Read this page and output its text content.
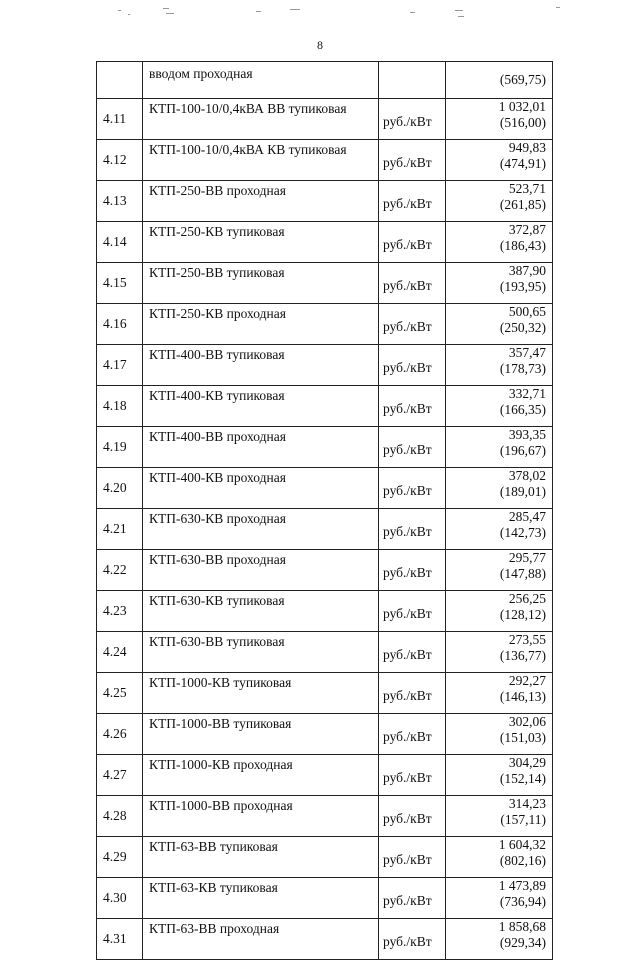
8
	вводом проходная		(569,75)

4.11	КТП-100-10/0,4кВА ВВ тупиковая	руб./кВт	1 032,01
(516,00)

4.12	КТП-100-10/0,4кВА КВ тупиковая	руб./кВт	949,83
(474,91)

4.13	КТП-250-ВВ проходная	руб./кВт	523,71
(261,85)

4.14	КТП-250-КВ тупиковая	руб./кВт	372,87
(186,43)

4.15	КТП-250-ВВ тупиковая	руб./кВт	387,90
(193,95)

4.16	КТП-250-КВ проходная	руб./кВт	500,65
(250,32)

4.17	КТП-400-ВВ тупиковая	руб./кВт	357,47
(178,73)

4.18	КТП-400-КВ тупиковая	руб./кВт	332,71
(166,35)

4.19	КТП-400-ВВ проходная	руб./кВт	393,35
(196,67)

4.20	КТП-400-КВ проходная	руб./кВт	378,02
(189,01)

4.21	КТП-630-КВ проходная	руб./кВт	285,47
(142,73)

4.22	КТП-630-ВВ проходная	руб./кВт	295,77
(147,88)

4.23	КТП-630-КВ тупиковая	руб./кВт	256,25
(128,12)

4.24	КТП-630-ВВ тупиковая	руб./кВт	273,55
(136,77)

4.25	КТП-1000-КВ тупиковая	руб./кВт	292,27
(146,13)

4.26	КТП-1000-ВВ тупиковая	руб./кВт	302,06
(151,03)

4.27	КТП-1000-КВ проходная	руб./кВт	304,29
(152,14)

4.28	КТП-1000-ВВ проходная	руб./кВт	314,23
(157,11)

4.29	КТП-63-ВВ тупиковая	руб./кВт	1 604,32
(802,16)

4.30	КТП-63-КВ тупиковая	руб./кВт	1 473,89
(736,94)

4.31	КТП-63-ВВ проходная	руб./кВт	1 858,68
(929,34)
